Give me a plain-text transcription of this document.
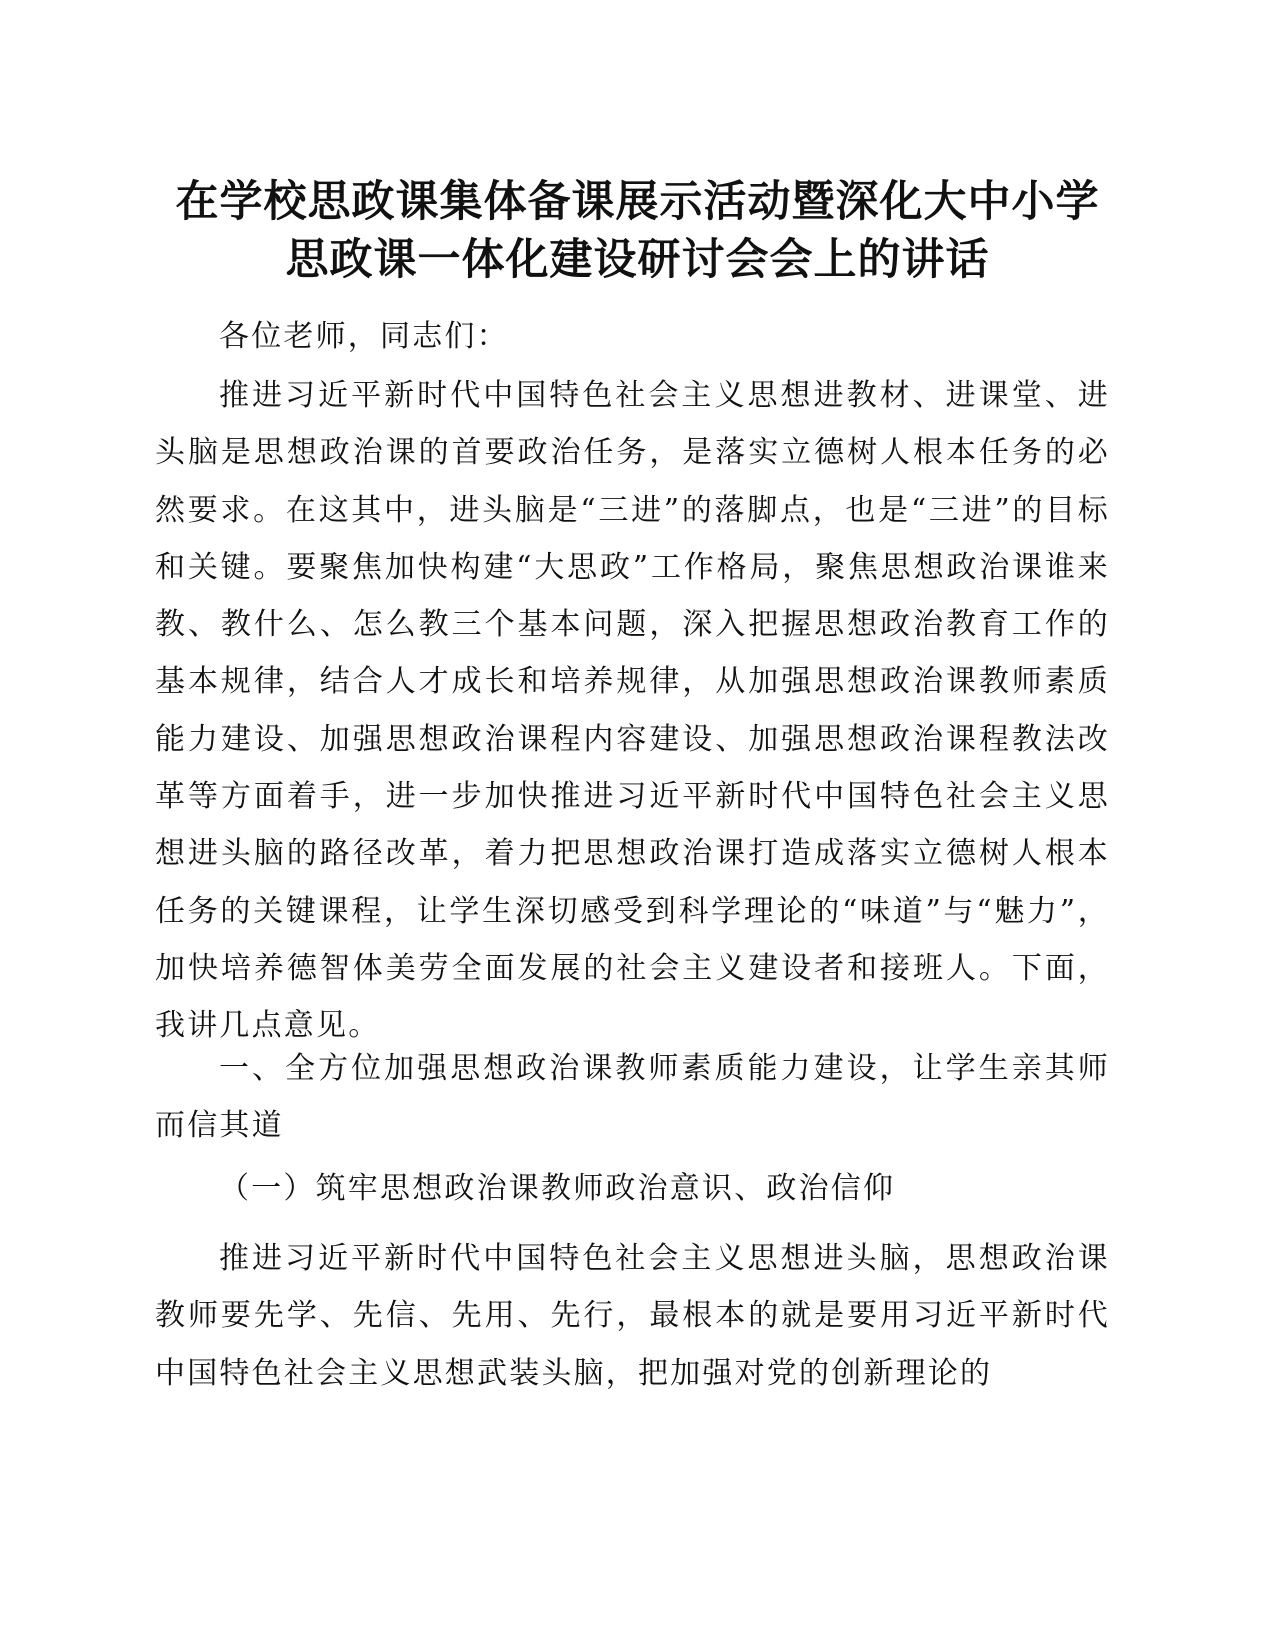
在学校思政课集体备课展示活动暨深化大中小学
思政课一体化建设研讨会会上的讲话

各位老师，同志们：

推进习近平新时代中国特色社会主义思想进教材、进课堂、进头脑是思想政治课的首要政治任务，是落实立德树人根本任务的必然要求。在这其中，进头脑是“三进”的落脚点，也是“三进”的目标和关键。要聚焦加快构建“大思政”工作格局，聚焦思想政治课谁来教、教什么、怎么教三个基本问题，深入把握思想政治教育工作的基本规律，结合人才成长和培养规律，从加强思想政治课教师素质能力建设、加强思想政治课程内容建设、加强思想政治课程教法改革等方面着手，进一步加快推进习近平新时代中国特色社会主义思想进头脑的路径改革，着力把思想政治课打造成落实立德树人根本任务的关键课程，让学生深切感受到科学理论的“味道”与“魅力”，加快培养德智体美劳全面发展的社会主义建设者和接班人。下面，我讲几点意见。

一、全方位加强思想政治课教师素质能力建设，让学生亲其师而信其道

（一）筑牢思想政治课教师政治意识、政治信仰

推进习近平新时代中国特色社会主义思想进头脑，思想政治课教师要先学、先信、先用、先行，最根本的就是要用习近平新时代中国特色社会主义思想武装头脑，把加强对党的创新理论的
